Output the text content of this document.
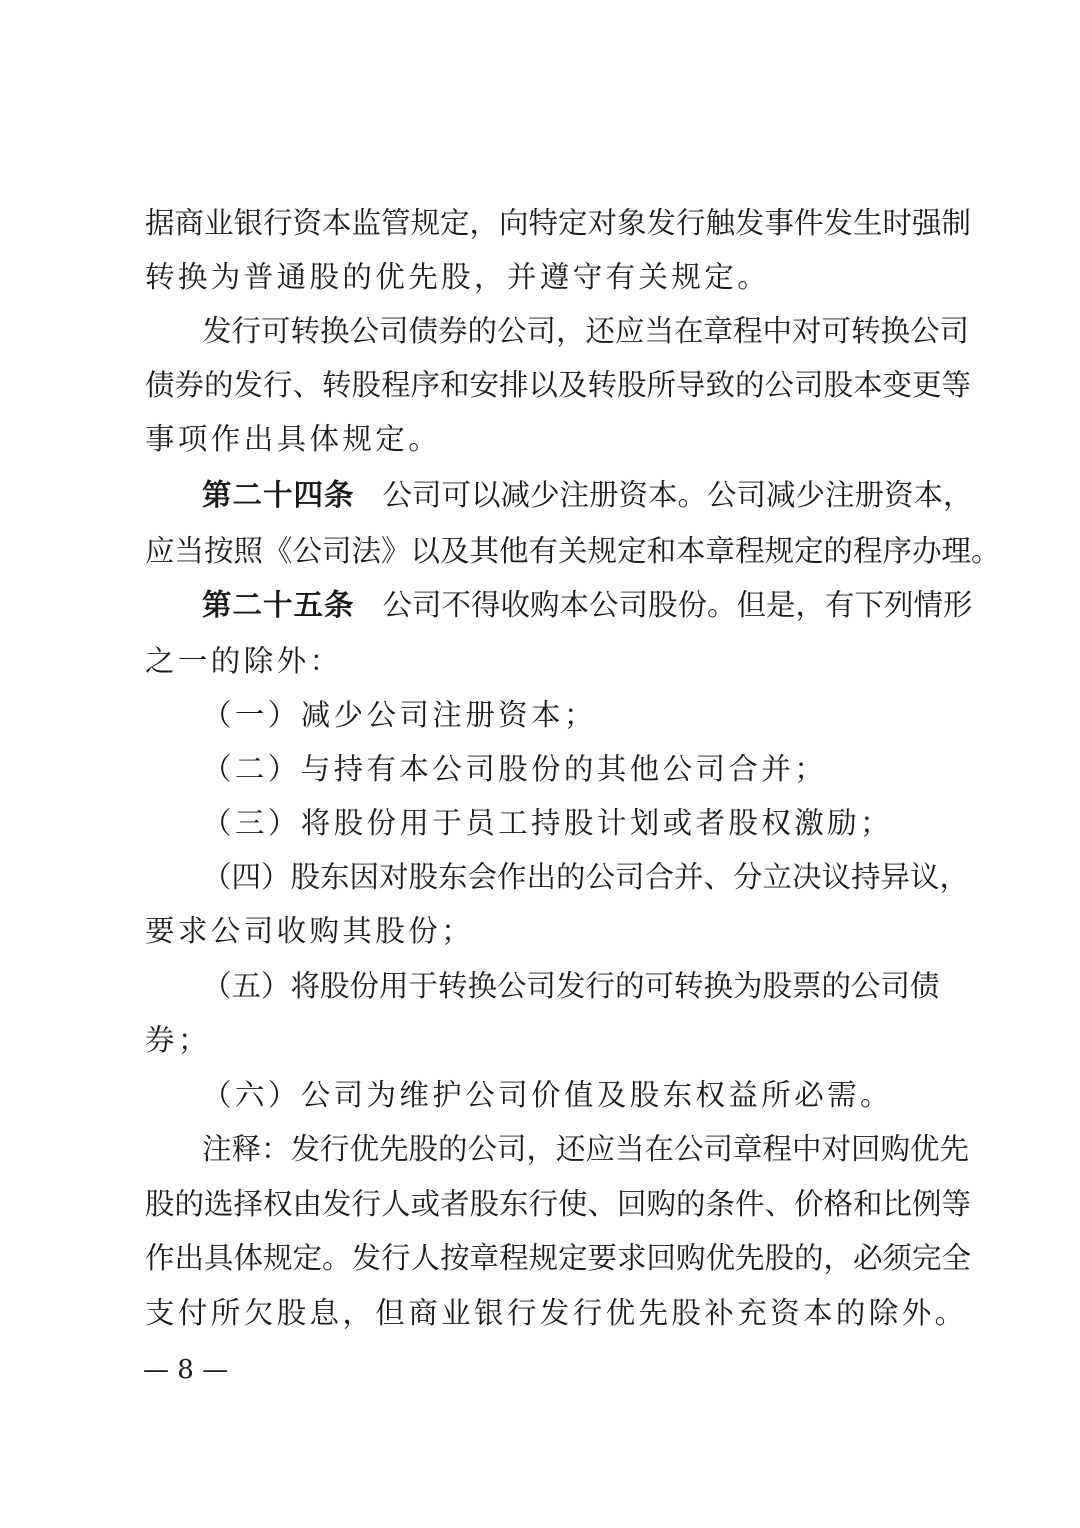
据商业银行资本监管规定，向特定对象发行触发事件发生时强制
转换为普通股的优先股，并遵守有关规定。
发行可转换公司债券的公司，还应当在章程中对可转换公司
债券的发行、转股程序和安排以及转股所导致的公司股本变更等
事项作出具体规定。
第二十四条 公司可以减少注册资本。公司减少注册资本，
应当按照《公司法》以及其他有关规定和本章程规定的程序办理。
第二十五条 公司不得收购本公司股份。但是，有下列情形
之一的除外：
（一）减少公司注册资本；
（二）与持有本公司股份的其他公司合并；
（三）将股份用于员工持股计划或者股权激励；
（四）股东因对股东会作出的公司合并、分立决议持异议，
要求公司收购其股份；
（五）将股份用于转换公司发行的可转换为股票的公司债
券；
（六）公司为维护公司价值及股东权益所必需。
注释：发行优先股的公司，还应当在公司章程中对回购优先
股的选择权由发行人或者股东行使、回购的条件、价格和比例等
作出具体规定。发行人按章程规定要求回购优先股的，必须完全
支付所欠股息，但商业银行发行优先股补充资本的除外。
— 8 —
